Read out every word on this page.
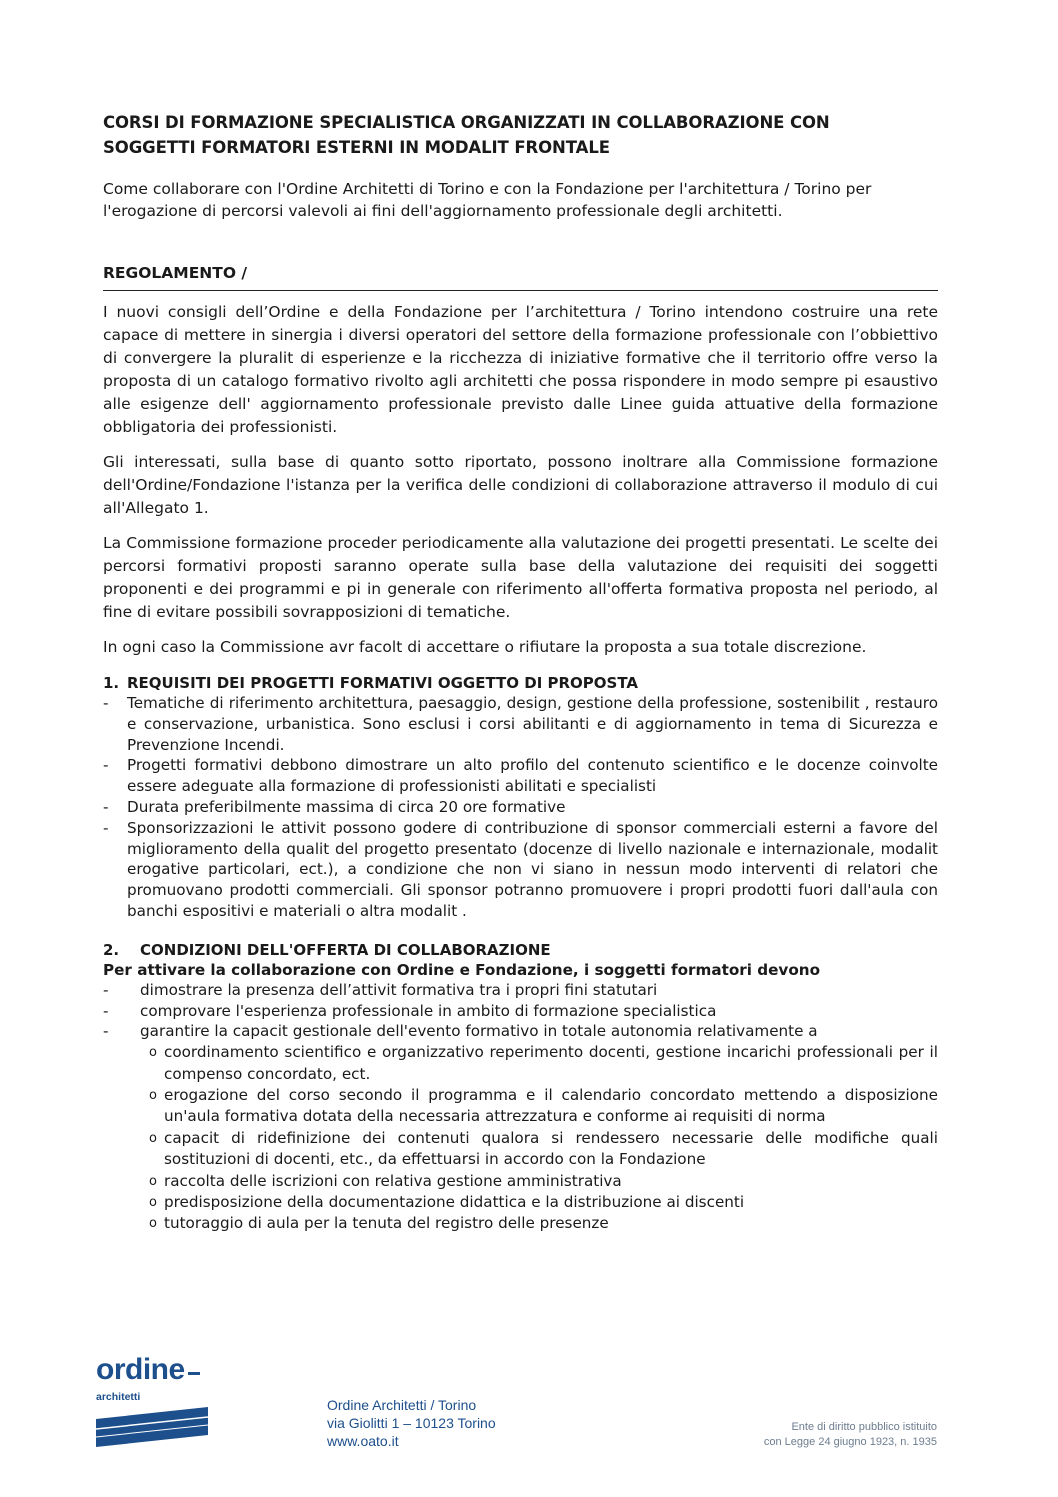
CORSI DI FORMAZIONE SPECIALISTICA ORGANIZZATI IN COLLABORAZIONE CON
SOGGETTI FORMATORI ESTERNI IN MODALIT FRONTALE

Come collaborare con l'Ordine Architetti di Torino e con la Fondazione per l'architettura / Torino per l'erogazione di percorsi valevoli ai fini dell'aggiornamento professionale degli architetti.

REGOLAMENTO /

I nuovi consigli dell’Ordine e della Fondazione per l’architettura / Torino intendono costruire una rete capace di mettere in sinergia i diversi operatori del settore della formazione professionale con l’obbiettivo di convergere la pluralit di esperienze e la ricchezza di iniziative formative che il territorio offre verso la proposta di un catalogo formativo rivolto agli architetti che possa rispondere in modo sempre pi esaustivo alle esigenze dell' aggiornamento professionale previsto dalle Linee guida attuative della formazione obbligatoria dei professionisti.

Gli interessati, sulla base di quanto sotto riportato, possono inoltrare alla Commissione formazione dell'Ordine/Fondazione l'istanza per la verifica delle condizioni di collaborazione attraverso il modulo di cui all'Allegato 1.

La Commissione formazione proceder periodicamente alla valutazione dei progetti presentati. Le scelte dei percorsi formativi proposti saranno operate sulla base della valutazione dei requisiti dei soggetti proponenti e dei programmi e pi in generale con riferimento all'offerta formativa proposta nel periodo, al fine di evitare possibili sovrapposizioni di tematiche.

In ogni caso la Commissione avr facolt di accettare o rifiutare la proposta a sua totale discrezione.

1. REQUISITI DEI PROGETTI FORMATIVI OGGETTO DI PROPOSTA
-	Tematiche di riferimento architettura, paesaggio, design, gestione della professione, sostenibilit , restauro e conservazione, urbanistica. Sono esclusi i corsi abilitanti e di aggiornamento in tema di Sicurezza e Prevenzione Incendi.
-	Progetti formativi debbono dimostrare un alto profilo del contenuto scientifico e le docenze coinvolte essere adeguate alla formazione di professionisti abilitati e specialisti
-	Durata preferibilmente massima di circa 20 ore formative
-	Sponsorizzazioni le attivit possono godere di contribuzione di sponsor commerciali esterni a favore del miglioramento della qualit del progetto presentato (docenze di livello nazionale e internazionale, modalit erogative particolari, ect.), a condizione che non vi siano in nessun modo interventi di relatori che promuovano prodotti commerciali. Gli sponsor potranno promuovere i propri prodotti fuori dall'aula con banchi espositivi e materiali o altra modalit .
2.	CONDIZIONI DELL'OFFERTA DI COLLABORAZIONE
Per attivare la collaborazione con Ordine e Fondazione, i soggetti formatori devono
-	dimostrare la presenza dell’attivit formativa tra i propri fini statutari
-	comprovare l'esperienza professionale in ambito di formazione specialistica
-	garantire la capacit gestionale dell'evento formativo in totale autonomia relativamente a
o coordinamento scientifico e organizzativo reperimento docenti, gestione incarichi professionali per il compenso concordato, ect.
o erogazione del corso secondo il programma e il calendario concordato mettendo a disposizione un'aula formativa dotata della necessaria attrezzatura e conforme ai requisiti di norma
o capacit di ridefinizione dei contenuti qualora si rendessero necessarie delle modifiche quali sostituzioni di docenti, etc., da effettuarsi in accordo con la Fondazione
o raccolta delle iscrizioni con relativa gestione amministrativa
o predisposizione della documentazione didattica e la distribuzione ai discenti
o tutoraggio di aula per la tenuta del registro delle presenze
ordine
architetti	Ordine Architetti / Torino
via Giolitti 1 – 10123 Torino
www.oato.it
Ente di diritto pubblico istituito
con Legge 24 giugno 1923, n. 1935
